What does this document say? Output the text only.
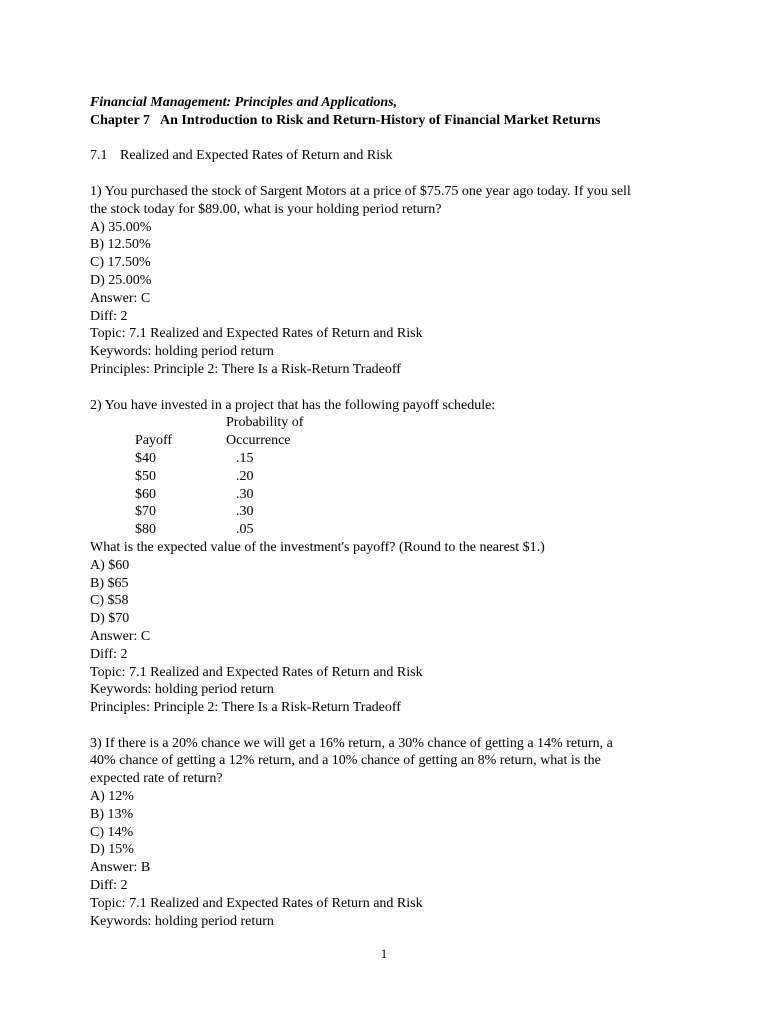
Financial Management: Principles and Applications,
Chapter 7 An Introduction to Risk and Return-History of Financial Market Returns
7.1 Realized and Expected Rates of Return and Risk
1) You purchased the stock of Sargent Motors at a price of $75.75 one year ago today. If you sell
the stock today for $89.00, what is your holding period return?
A) 35.00%
B) 12.50%
C) 17.50%
D) 25.00%
Answer: C
Diff: 2
Topic: 7.1 Realized and Expected Rates of Return and Risk
Keywords: holding period return
Principles: Principle 2: There Is a Risk-Return Tradeoff
2) You have invested in a project that has the following payoff schedule:
Probability of
Payoff	Occurrence
$40	.15
$50	.20
$60	.30
$70	.30
$80	.05
What is the expected value of the investment's payoff? (Round to the nearest $1.)
A) $60
B) $65
C) $58
D) $70
Answer: C
Diff: 2
Topic: 7.1 Realized and Expected Rates of Return and Risk
Keywords: holding period return
Principles: Principle 2: There Is a Risk-Return Tradeoff
3) If there is a 20% chance we will get a 16% return, a 30% chance of getting a 14% return, a
40% chance of getting a 12% return, and a 10% chance of getting an 8% return, what is the
expected rate of return?
A) 12%
B) 13%
C) 14%
D) 15%
Answer: B
Diff: 2
Topic: 7.1 Realized and Expected Rates of Return and Risk
Keywords: holding period return
1
